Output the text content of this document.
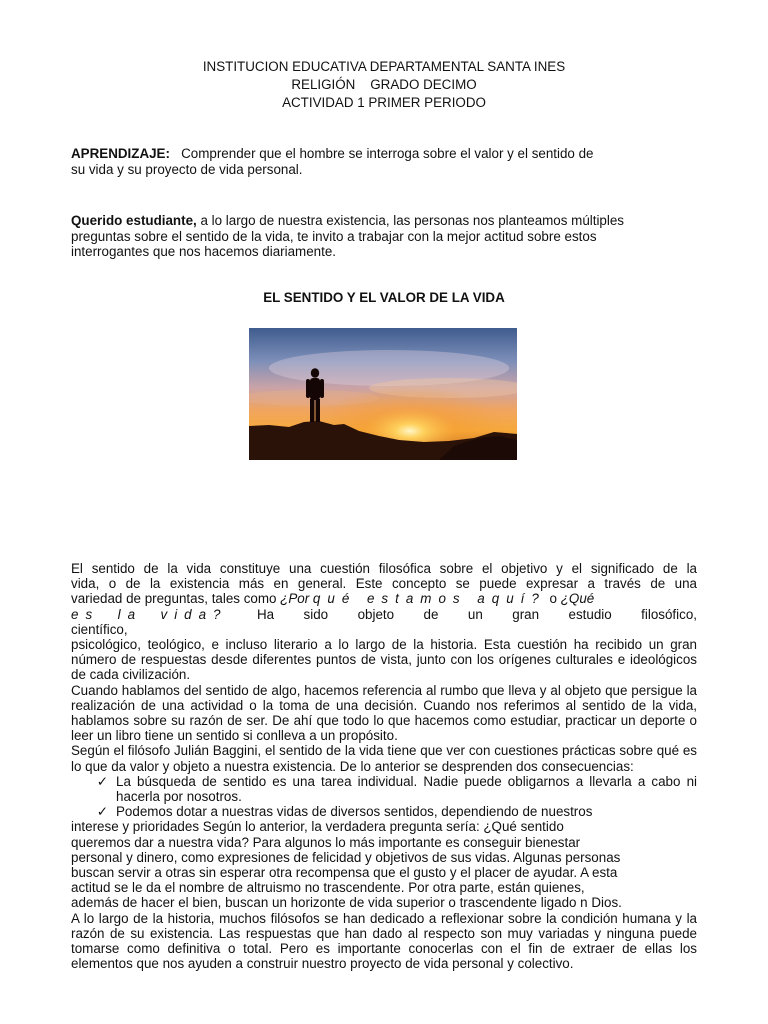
INSTITUCION EDUCATIVA DEPARTAMENTAL SANTA INES
RELIGIÓN GRADO DECIMO
ACTIVIDAD 1 PRIMER PERIODO
APRENDIZAJE: Comprender que el hombre se interroga sobre el valor y el sentido de
su vida y su proyecto de vida personal.
Querido estudiante, a lo largo de nuestra existencia, las personas nos planteamos múltiples
preguntas sobre el sentido de la vida, te invito a trabajar con la mejor actitud sobre estos
interrogantes que nos hacemos diariamente.
EL SENTIDO Y EL VALOR DE LA VIDA

El sentido de la vida constituye una cuestión filosófica sobre el objetivo y el significado de la

vida, o de la existencia más en general. Este concepto se puede expresar a través de una

variedad de preguntas, tales como ¿Por qué estamos aquí? o ¿Qué

es la vida? Ha sido objeto de un gran estudio filosófico, científico,

psicológico, teológico, e incluso literario a lo largo de la historia. Esta cuestión ha recibido un gran número de respuestas desde diferentes puntos de vista, junto con los orígenes culturales e ideológicos de cada civilización.

Cuando hablamos del sentido de algo, hacemos referencia al rumbo que lleva y al objeto que persigue la realización de una actividad o la toma de una decisión. Cuando nos referimos al sentido de la vida, hablamos sobre su razón de ser. De ahí que todo lo que hacemos como estudiar, practicar un deporte o leer un libro tiene un sentido si conlleva a un propósito.

Según el filósofo Julián Baggini, el sentido de la vida tiene que ver con cuestiones prácticas sobre qué es lo que da valor y objeto a nuestra existencia. De lo anterior se desprenden dos consecuencias:

✓ La búsqueda de sentido es una tarea individual. Nadie puede obligarnos a llevarla a cabo ni hacerla por nosotros.
✓ Podemos dotar a nuestras vidas de diversos sentidos, dependiendo de nuestros

interese y prioridades Según lo anterior, la verdadera pregunta sería: ¿Qué sentido

queremos dar a nuestra vida? Para algunos lo más importante es conseguir bienestar

personal y dinero, como expresiones de felicidad y objetivos de sus vidas. Algunas personas

buscan servir a otras sin esperar otra recompensa que el gusto y el placer de ayudar. A esta

actitud se le da el nombre de altruismo no trascendente. Por otra parte, están quienes,

además de hacer el bien, buscan un horizonte de vida superior o trascendente ligado n Dios.

A lo largo de la historia, muchos filósofos se han dedicado a reflexionar sobre la condición humana y la razón de su existencia. Las respuestas que han dado al respecto son muy variadas y ninguna puede tomarse como definitiva o total. Pero es importante conocerlas con el fin de extraer de ellas los elementos que nos ayuden a construir nuestro proyecto de vida personal y colectivo.
